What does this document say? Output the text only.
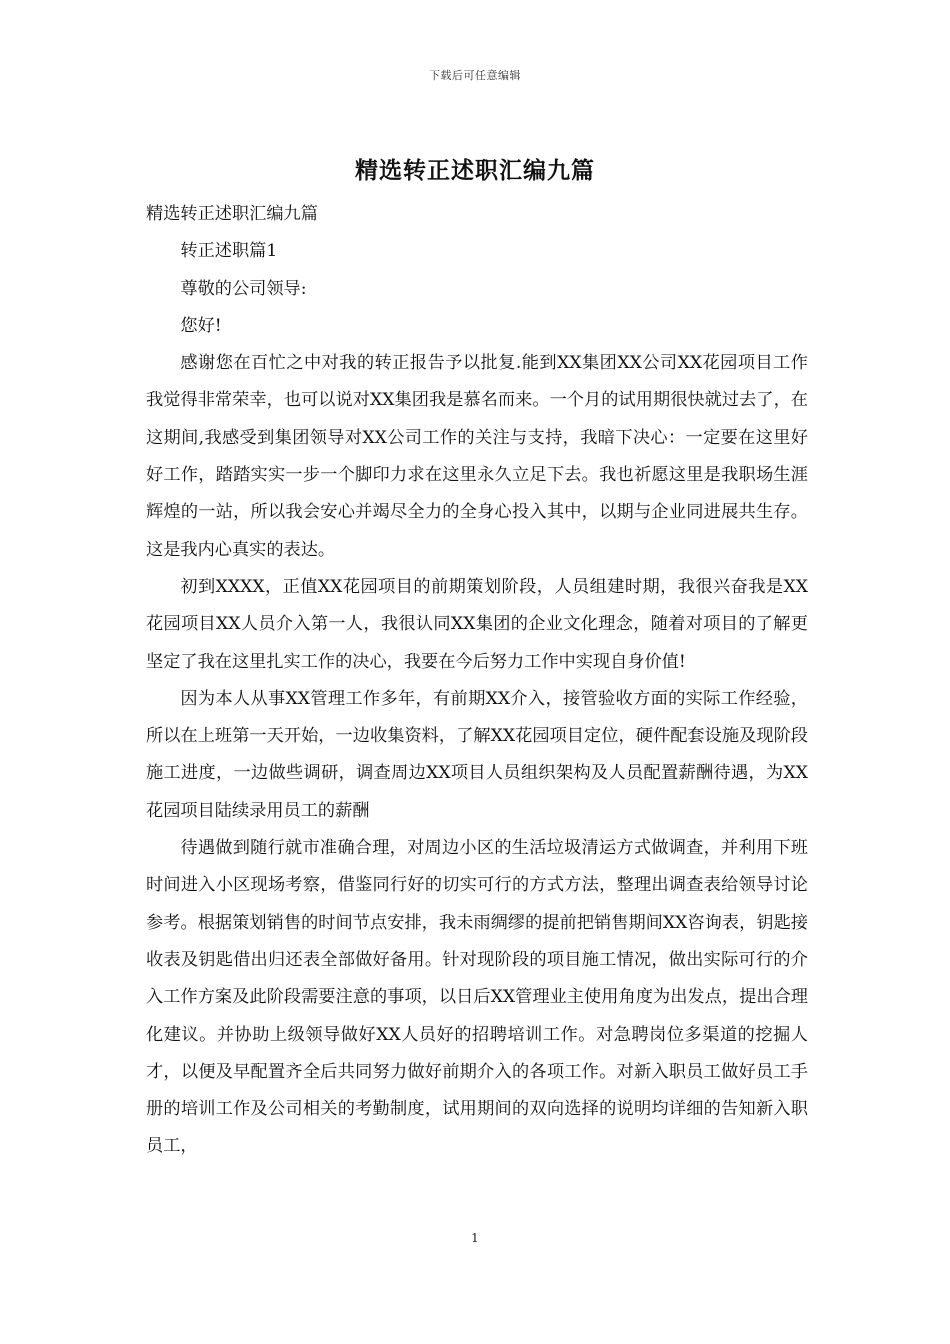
下载后可任意编辑
精选转正述职汇编九篇

精选转正述职汇编九篇

转正述职篇1

尊敬的公司领导:

您好!

感谢您在百忙之中对我的转正报告予以批复.能到XX集团XX公司XX花园项目工作我觉得非常荣幸，也可以说对XX集团我是慕名而来。一个月的试用期很快就过去了，在这期间,我感受到集团领导对XX公司工作的关注与支持，我暗下决心：一定要在这里好好工作，踏踏实实一步一个脚印力求在这里永久立足下去。我也祈愿这里是我职场生涯辉煌的一站，所以我会安心并竭尽全力的全身心投入其中，以期与企业同进展共生存。这是我内心真实的表达。

初到XXXX，正值XX花园项目的前期策划阶段，人员组建时期，我很兴奋我是XX花园项目XX人员介入第一人，我很认同XX集团的企业文化理念，随着对项目的了解更坚定了我在这里扎实工作的决心，我要在今后努力工作中实现自身价值!

因为本人从事XX管理工作多年，有前期XX介入，接管验收方面的实际工作经验，所以在上班第一天开始，一边收集资料，了解XX花园项目定位，硬件配套设施及现阶段施工进度，一边做些调研，调查周边XX项目人员组织架构及人员配置薪酬待遇，为XX花园项目陆续录用员工的薪酬

待遇做到随行就市准确合理，对周边小区的生活垃圾清运方式做调查，并利用下班时间进入小区现场考察，借鉴同行好的切实可行的方式方法，整理出调查表给领导讨论参考。根据策划销售的时间节点安排，我未雨绸缪的提前把销售期间XX咨询表，钥匙接收表及钥匙借出归还表全部做好备用。针对现阶段的项目施工情况，做出实际可行的介入工作方案及此阶段需要注意的事项，以日后XX管理业主使用角度为出发点，提出合理化建议。并协助上级领导做好XX人员好的招聘培训工作。对急聘岗位多渠道的挖掘人才，以便及早配置齐全后共同努力做好前期介入的各项工作。对新入职员工做好员工手册的培训工作及公司相关的考勤制度，试用期间的双向选择的说明均详细的告知新入职员工，

1
